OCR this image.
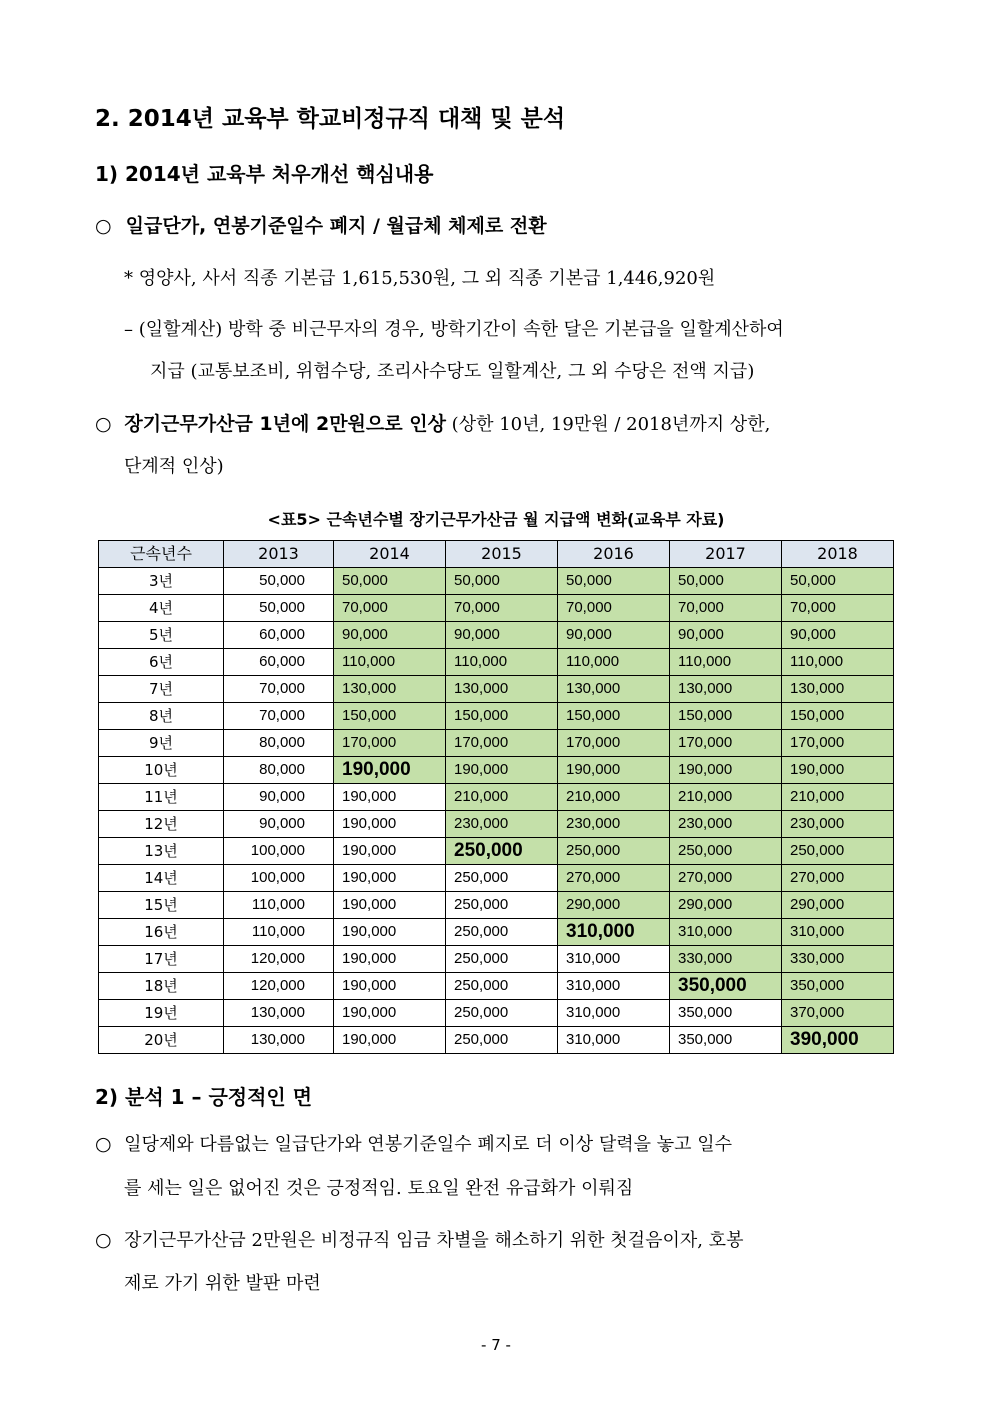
2. 2014년 교육부 학교비정규직 대책 및 분석
1) 2014년 교육부 처우개선 핵심내용
○ 일급단가, 연봉기준일수 폐지 / 월급체 체제로 전환
* 영양사, 사서 직종 기본급 1,615,530원, 그 외 직종 기본급 1,446,920원
– (일할계산) 방학 중 비근무자의 경우, 방학기간이 속한 달은 기본급을 일할계산하여
지급 (교통보조비, 위험수당, 조리사수당도 일할계산, 그 외 수당은 전액 지급)
○ 장기근무가산금 1년에 2만원으로 인상 (상한 10년, 19만원 / 2018년까지 상한,
단계적 인상)
<표5> 근속년수별 장기근무가산금 월 지급액 변화(교육부 자료)
근속년수	2013	2014	2015	2016	2017	2018
3년	50,000	50,000	50,000	50,000	50,000	50,000
4년	50,000	70,000	70,000	70,000	70,000	70,000
5년	60,000	90,000	90,000	90,000	90,000	90,000
6년	60,000	110,000	110,000	110,000	110,000	110,000
7년	70,000	130,000	130,000	130,000	130,000	130,000
8년	70,000	150,000	150,000	150,000	150,000	150,000
9년	80,000	170,000	170,000	170,000	170,000	170,000
10년	80,000	190,000	190,000	190,000	190,000	190,000
11년	90,000	190,000	210,000	210,000	210,000	210,000
12년	90,000	190,000	230,000	230,000	230,000	230,000
13년	100,000	190,000	250,000	250,000	250,000	250,000
14년	100,000	190,000	250,000	270,000	270,000	270,000
15년	110,000	190,000	250,000	290,000	290,000	290,000
16년	110,000	190,000	250,000	310,000	310,000	310,000
17년	120,000	190,000	250,000	310,000	330,000	330,000
18년	120,000	190,000	250,000	310,000	350,000	350,000
19년	130,000	190,000	250,000	310,000	350,000	370,000
20년	130,000	190,000	250,000	310,000	350,000	390,000
2) 분석 1 – 긍정적인 면
○ 일당제와 다름없는 일급단가와 연봉기준일수 폐지로 더 이상 달력을 놓고 일수
를 세는 일은 없어진 것은 긍정적임. 토요일 완전 유급화가 이뤄짐
○ 장기근무가산금 2만원은 비정규직 임금 차별을 해소하기 위한 첫걸음이자, 호봉
제로 가기 위한 발판 마련
- 7 -
